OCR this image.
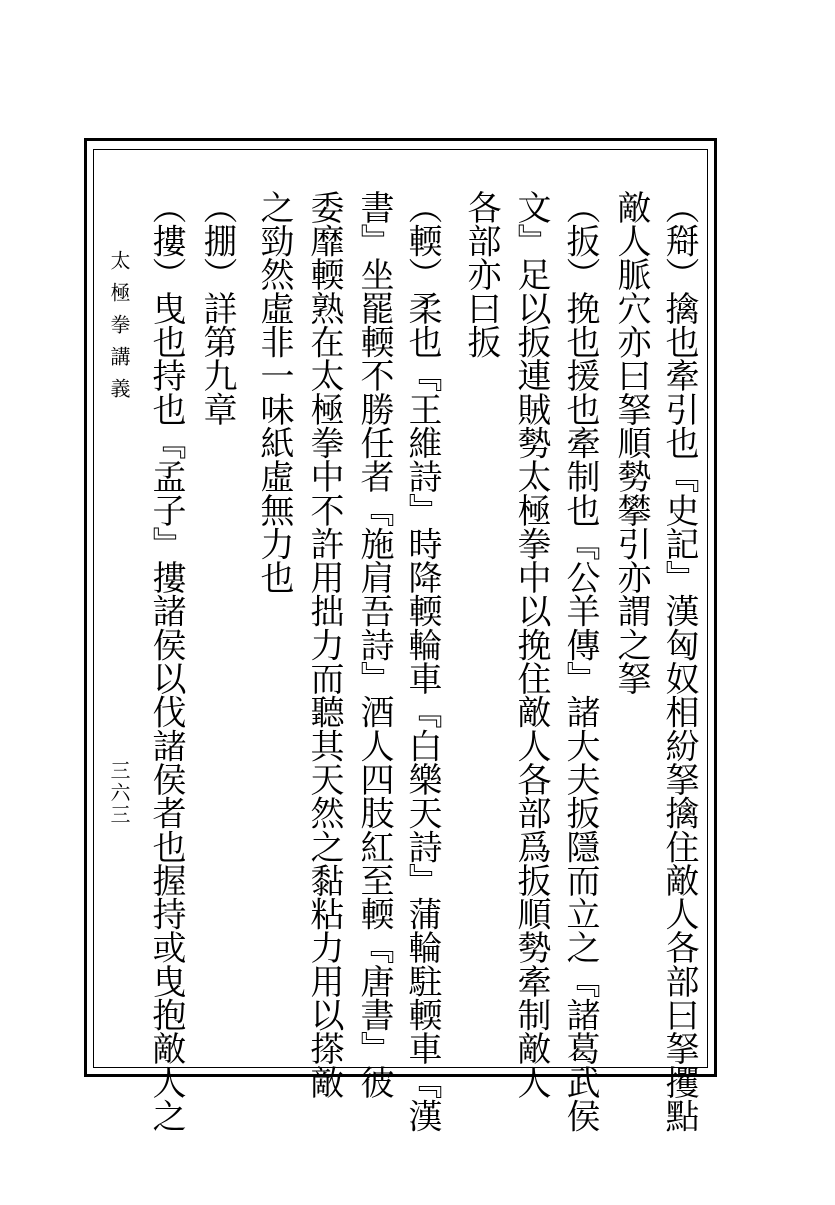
（搿）擒也牽引也『史記』漢匈奴相紛拏擒住敵人各部曰拏攫點
敵人脈穴亦曰拏順勢攀引亦謂之拏
（扳）挽也援也牽制也『公羊傳』諸大夫扳隱而立之『諸葛武侯
文』足以扳連賊勢太極拳中以挽住敵人各部爲扳順勢牽制敵人
各部亦曰扳
（輭）柔也『王維詩』時降輭輪車『白樂天詩』蒲輪駐輭車『漢
書』坐罷輭不勝任者『施肩吾詩』酒人四肢紅至輭『唐書』彼
委靡輭熟在太極拳中不許用拙力而聽其天然之黏粘力用以搽敵
之勁然虛非一味紙虛無力也
（掤）詳第九章
（摟）曳也持也『孟子』摟諸侯以伐諸侯者也握持或曳抱敵人之
太極拳講義
三六三
